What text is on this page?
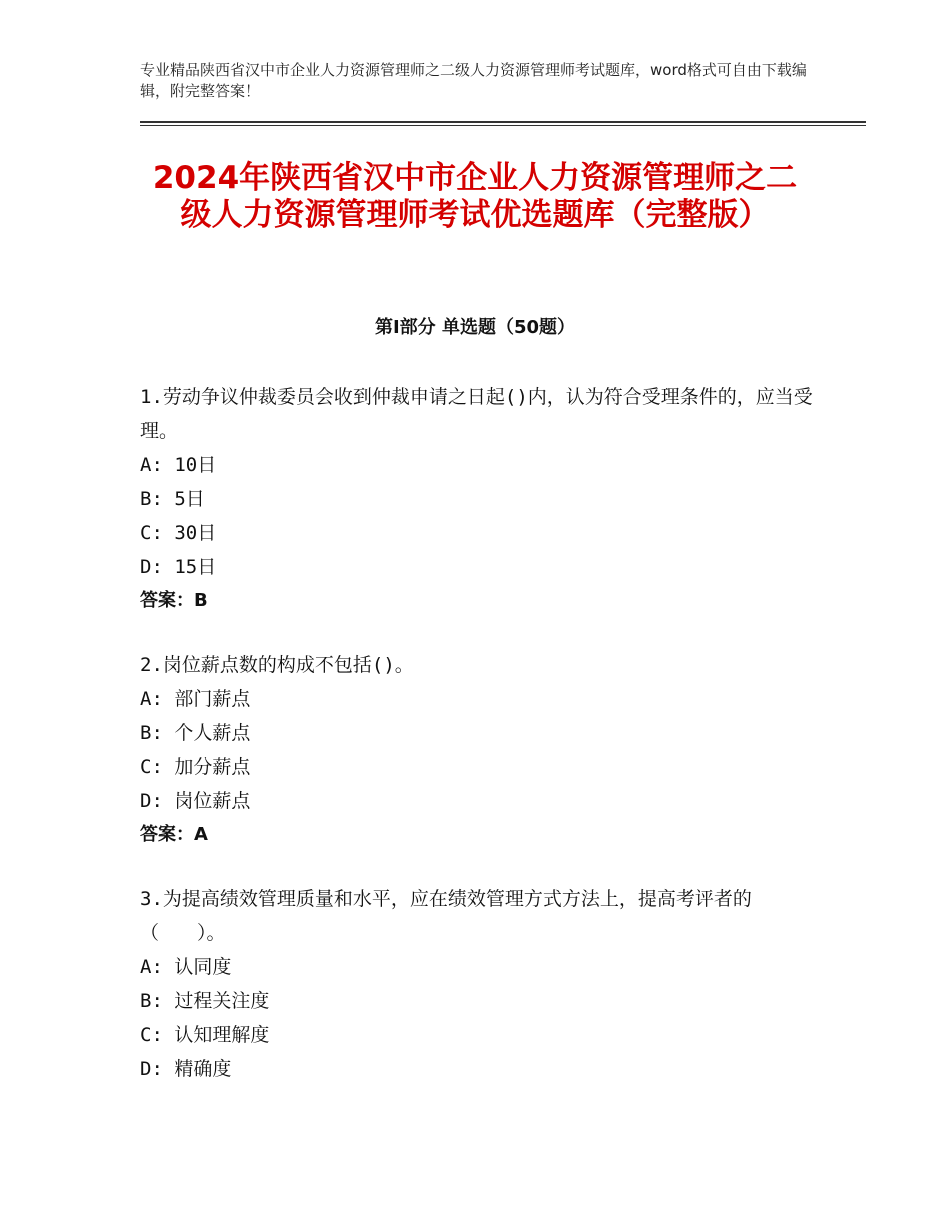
专业精品陕西省汉中市企业人力资源管理师之二级人力资源管理师考试题库，word格式可自由下载编辑，附完整答案！
2024年陕西省汉中市企业人力资源管理师之二级人力资源管理师考试优选题库（完整版）
第Ⅰ部分 单选题（50题）

1.劳动争议仲裁委员会收到仲裁申请之日起()内，认为符合受理条件的，应当受理。

A: 10日

B: 5日

C: 30日

D: 15日

答案：B

2.岗位薪点数的构成不包括()。

A: 部门薪点

B: 个人薪点

C: 加分薪点

D: 岗位薪点

答案：A

3.为提高绩效管理质量和水平，应在绩效管理方式方法上，提高考评者的（　　）。

A: 认同度

B: 过程关注度

C: 认知理解度

D: 精确度
